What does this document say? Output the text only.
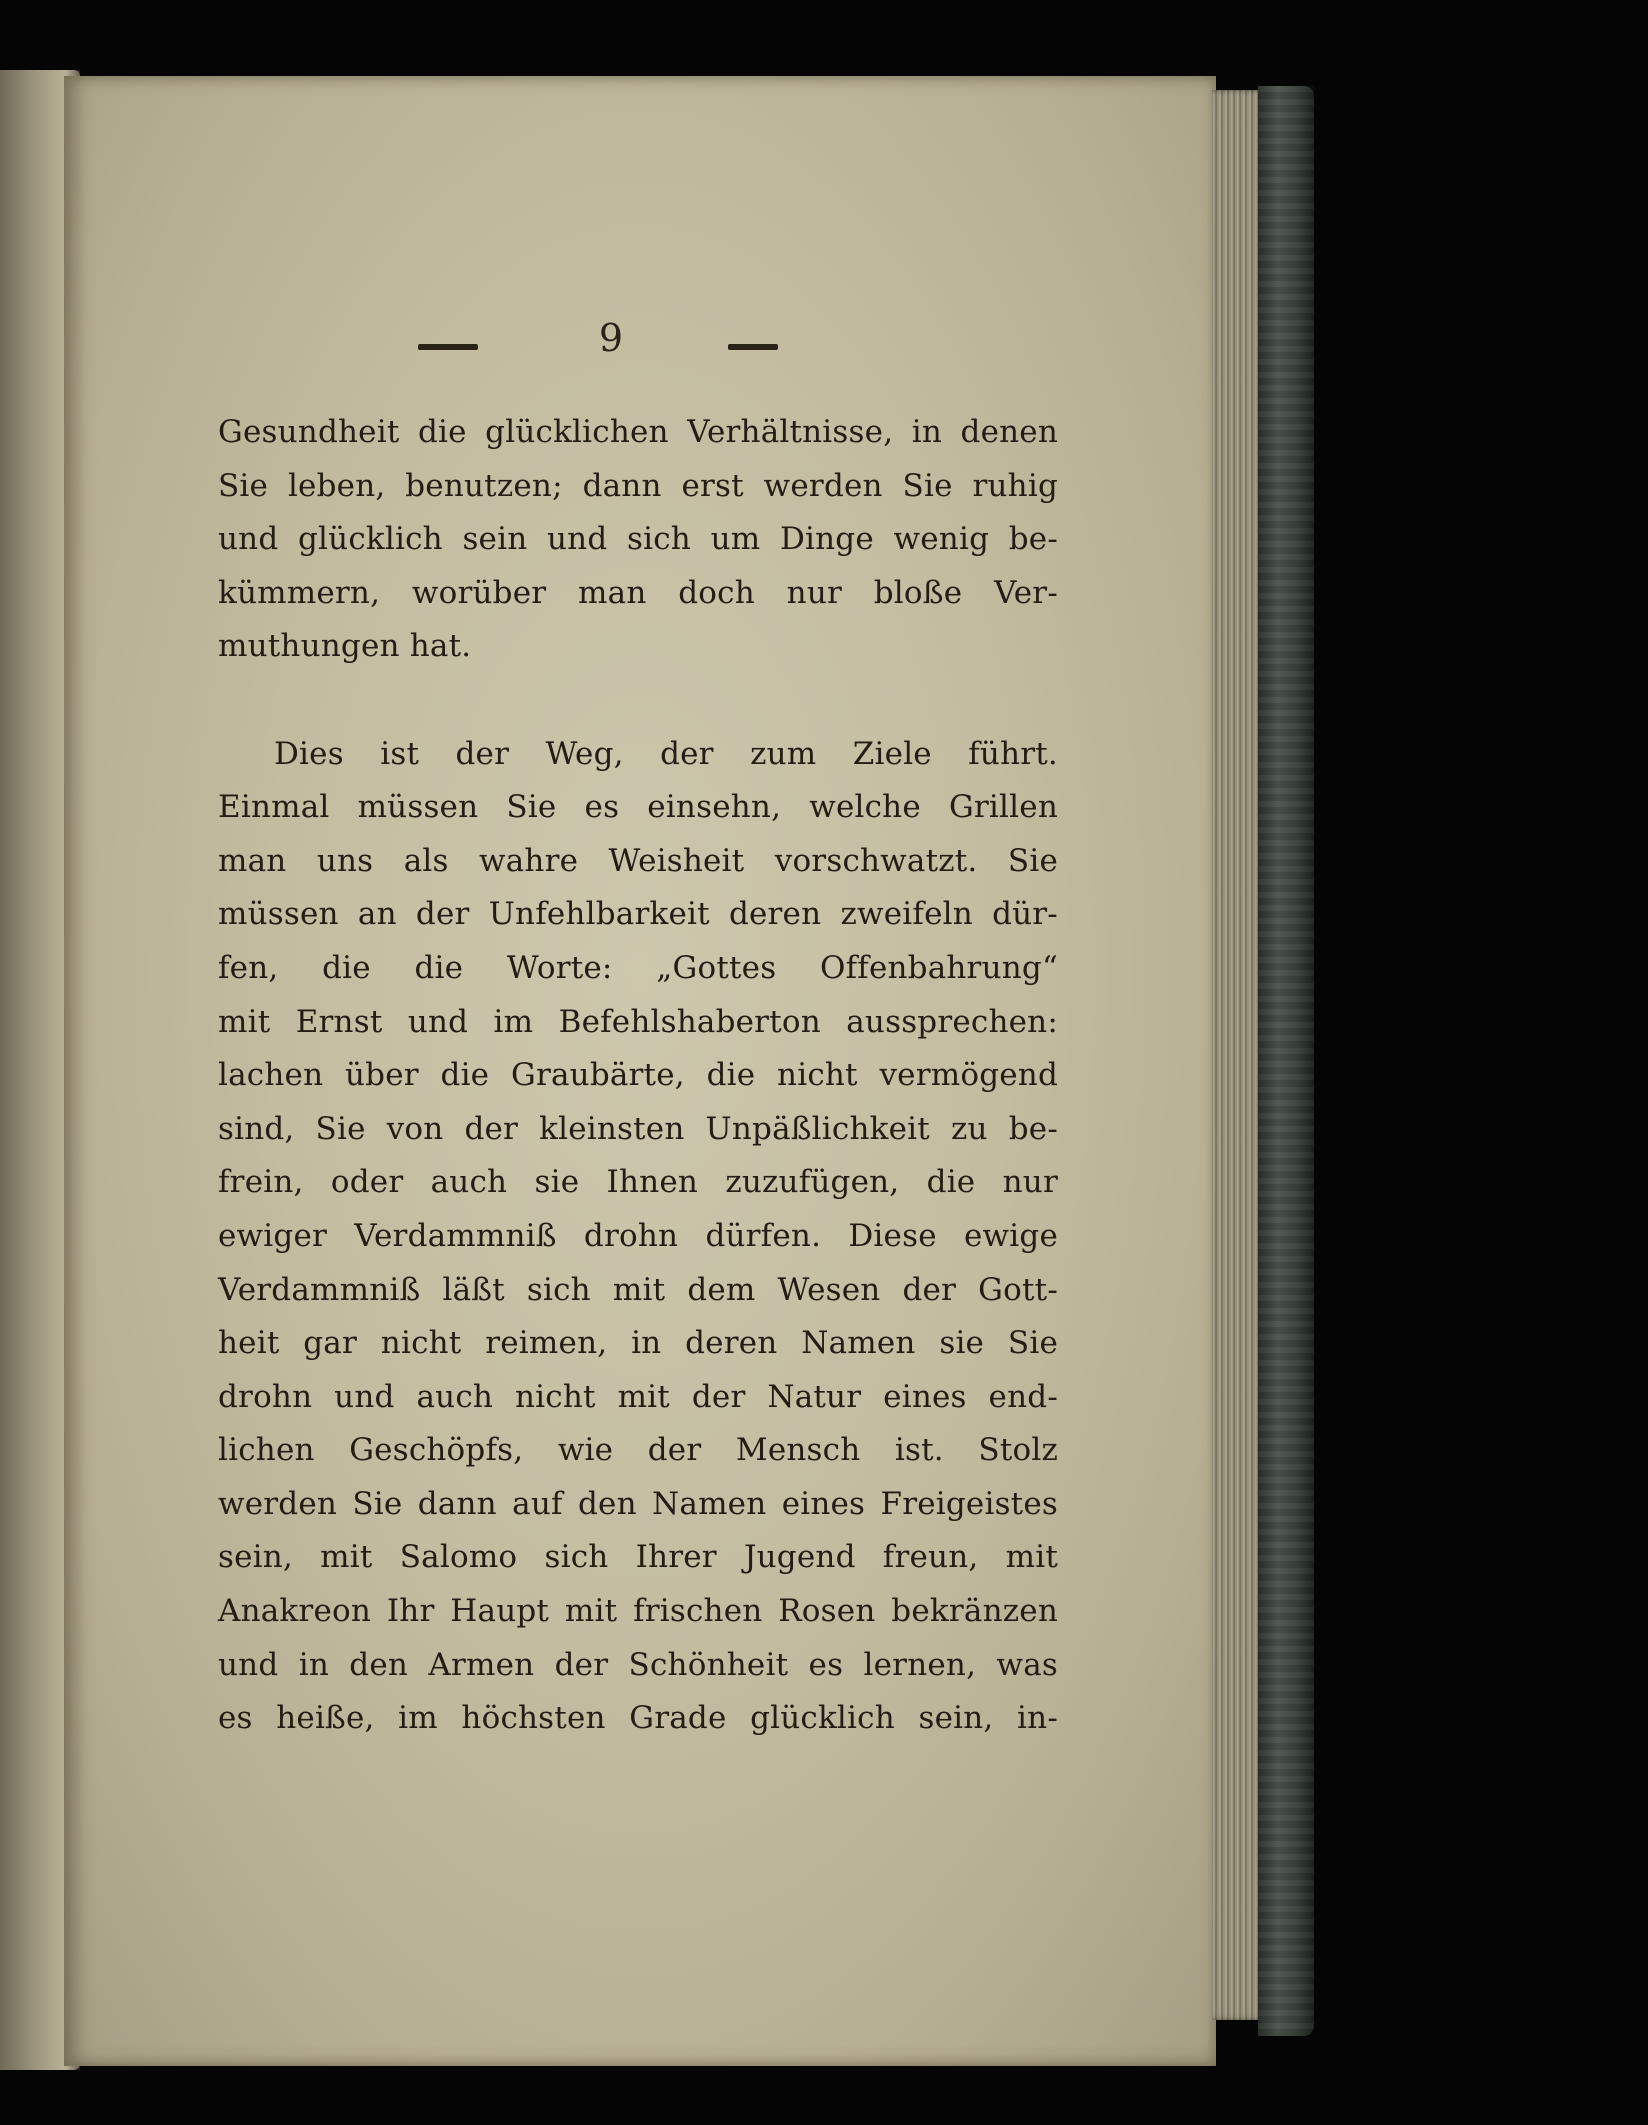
9
Gesundheit die glücklichen Verhältnisse, in denen
Sie leben, benutzen; dann erst werden Sie ruhig
und glücklich sein und sich um Dinge wenig be-
kümmern, worüber man doch nur bloße Ver-
muthungen hat.
Dies ist der Weg, der zum Ziele führt.
Einmal müssen Sie es einsehn, welche Grillen
man uns als wahre Weisheit vorschwatzt. Sie
müssen an der Unfehlbarkeit deren zweifeln dür-
fen, die die Worte: „Gottes Offenbahrung“
mit Ernst und im Befehlshaberton aussprechen:
lachen über die Graubärte, die nicht vermögend
sind, Sie von der kleinsten Unpäßlichkeit zu be-
frein, oder auch sie Ihnen zuzufügen, die nur
ewiger Verdammniß drohn dürfen. Diese ewige
Verdammniß läßt sich mit dem Wesen der Gott-
heit gar nicht reimen, in deren Namen sie Sie
drohn und auch nicht mit der Natur eines end-
lichen Geschöpfs, wie der Mensch ist. Stolz
werden Sie dann auf den Namen eines Freigeistes
sein, mit Salomo sich Ihrer Jugend freun, mit
Anakreon Ihr Haupt mit frischen Rosen bekränzen
und in den Armen der Schönheit es lernen, was
es heiße, im höchsten Grade glücklich sein, in-
